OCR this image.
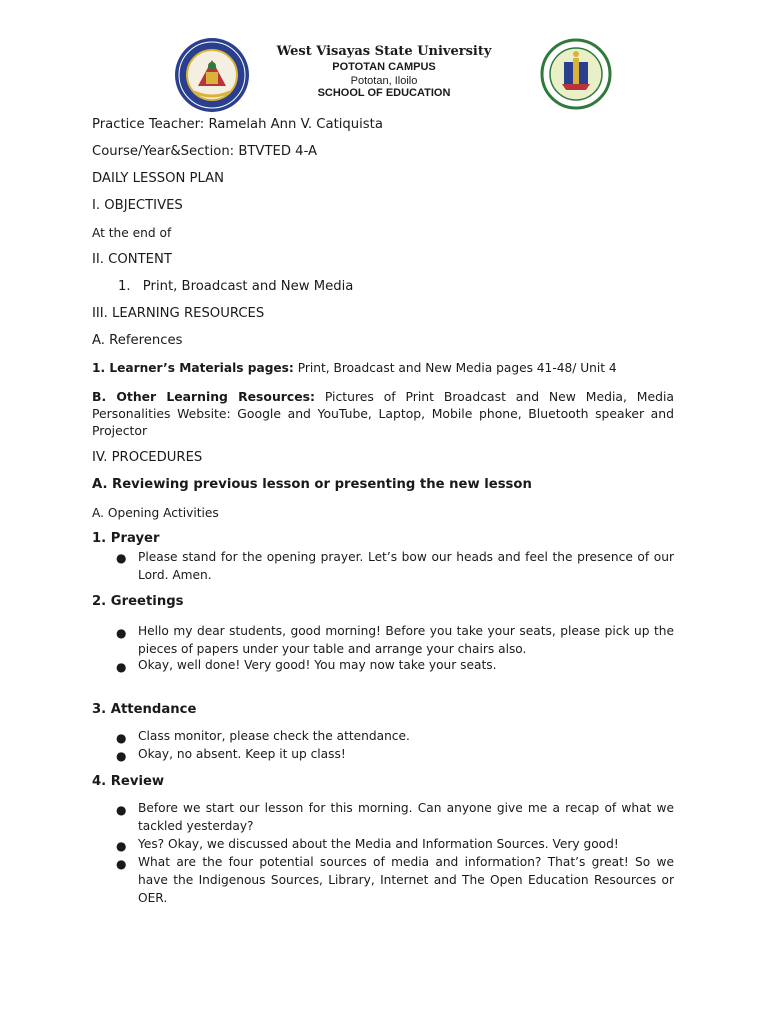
West Visayas State University
POTOTAN CAMPUS
Pototan, Iloilo
SCHOOL OF EDUCATION
Practice Teacher: Ramelah Ann V. Catiquista
Course/Year&Section: BTVTED 4-A
DAILY LESSON PLAN
I. OBJECTIVES
At the end of
II. CONTENT
1. Print, Broadcast and New Media
III. LEARNING RESOURCES
A. References
1. Learner’s Materials pages: Print, Broadcast and New Media pages 41-48/ Unit 4
B. Other Learning Resources: Pictures of Print Broadcast and New Media, Media Personalities Website: Google and YouTube, Laptop, Mobile phone, Bluetooth speaker and Projector
IV. PROCEDURES
A. Reviewing previous lesson or presenting the new lesson
A. Opening Activities
1. Prayer
● Please stand for the opening prayer. Let’s bow our heads and feel the presence of our Lord. Amen.
2. Greetings
● Hello my dear students, good morning! Before you take your seats, please pick up the pieces of papers under your table and arrange your chairs also.
● Okay, well done! Very good! You may now take your seats.
3. Attendance
● Class monitor, please check the attendance.
● Okay, no absent. Keep it up class!
4. Review
● Before we start our lesson for this morning. Can anyone give me a recap of what we tackled yesterday?
● Yes? Okay, we discussed about the Media and Information Sources. Very good!
● What are the four potential sources of media and information? That’s great! So we have the Indigenous Sources, Library, Internet and The Open Education Resources or OER.
